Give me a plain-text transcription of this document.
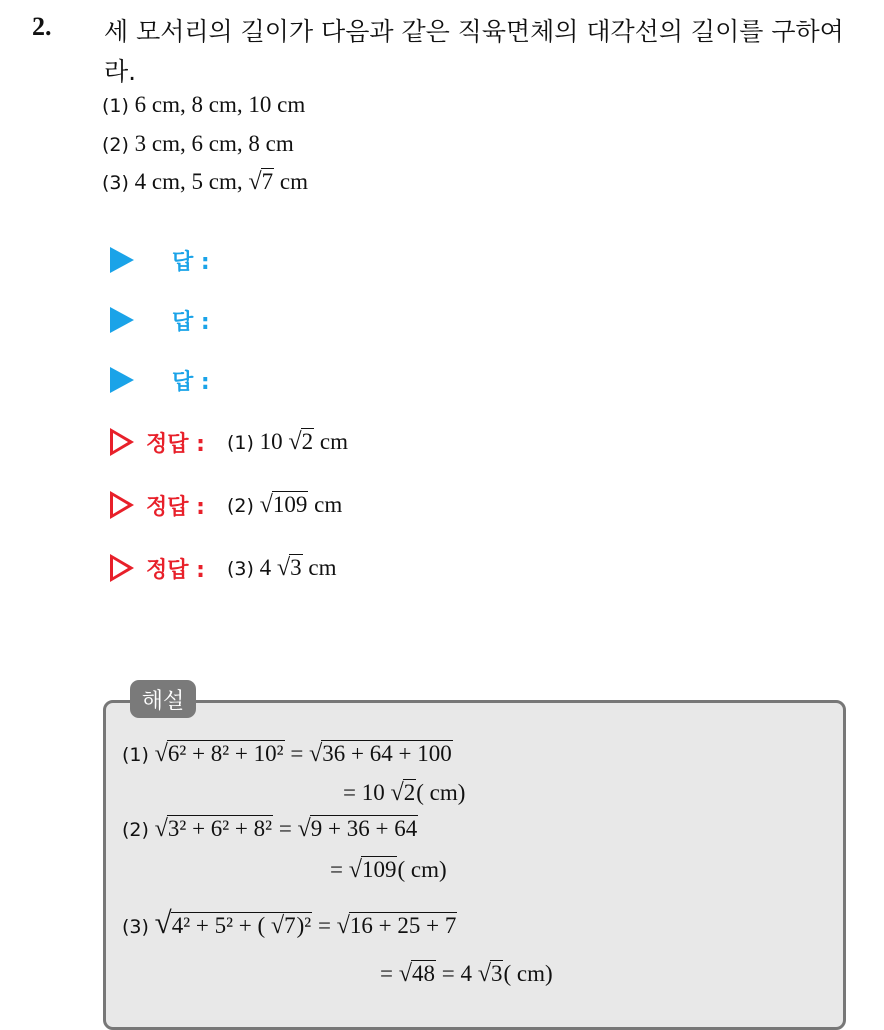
2. 세 모서리의 길이가 다음과 같은 직육면체의 대각선의 길이를 구하여라.
(1) 6 cm, 8 cm, 10 cm
(2) 3 cm, 6 cm, 8 cm
(3) 4 cm, 5 cm, √7 cm
답 :
답 :
답 :
정답 : (1) 10 √2 cm
정답 : (2) √109 cm
정답 : (3) 4 √3 cm
해설
(1) √6² + 8² + 10² = √36 + 64 + 100
= 10 √2( cm)
(2) √3² + 6² + 8² = √9 + 36 + 64
= √109( cm)
(3) √4² + 5² + ( √7)² = √16 + 25 + 7
= √48 = 4 √3( cm)
